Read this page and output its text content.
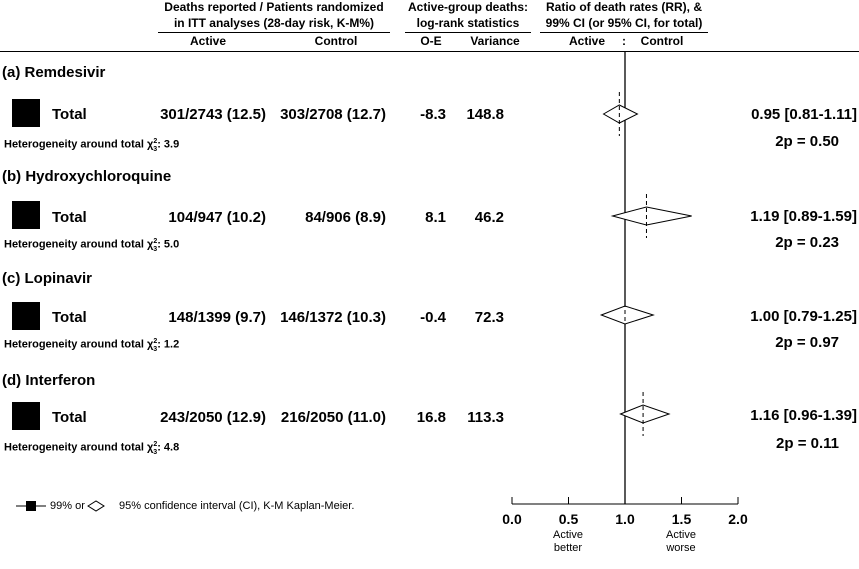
Deaths reported / Patients randomized
in ITT analyses (28-day risk, K-M%)
Active	Control
Active-group deaths:
log-rank statistics
O-E	Variance
Ratio of death rates (RR), &
99% CI (or 95% CI, for total)
Active	:	Control
(a) Remdesivir
Total	301/2743 (12.5) 303/2708 (12.7)	-8.3	148.8	0.95 [0.81-1.11]
Heterogeneity around total $\chi^2_3$: 3.9	2p = 0.50
(b) Hydroxychloroquine
Total	104/947 (10.2)	84/906 (8.9)	8.1	46.2	1.19 [0.89-1.59]
Heterogeneity around total $\chi^2_3$: 5.0	2p = 0.23
(c) Lopinavir
Total	148/1399 (9.7) 146/1372 (10.3)	-0.4	72.3	1.00 [0.79-1.25]
Heterogeneity around total $\chi^2_3$: 1.2	2p = 0.97
(d) Interferon
Total	243/2050 (12.9) 216/2050 (11.0)	16.8	113.3	1.16 [0.96-1.39]
Heterogeneity around total $\chi^2_3$: 4.8	2p = 0.11
99% or	95% confidence interval (CI), K-M Kaplan-Meier.
0.0	0.5	1.0	1.5	2.0
Active
better
Active
worse
